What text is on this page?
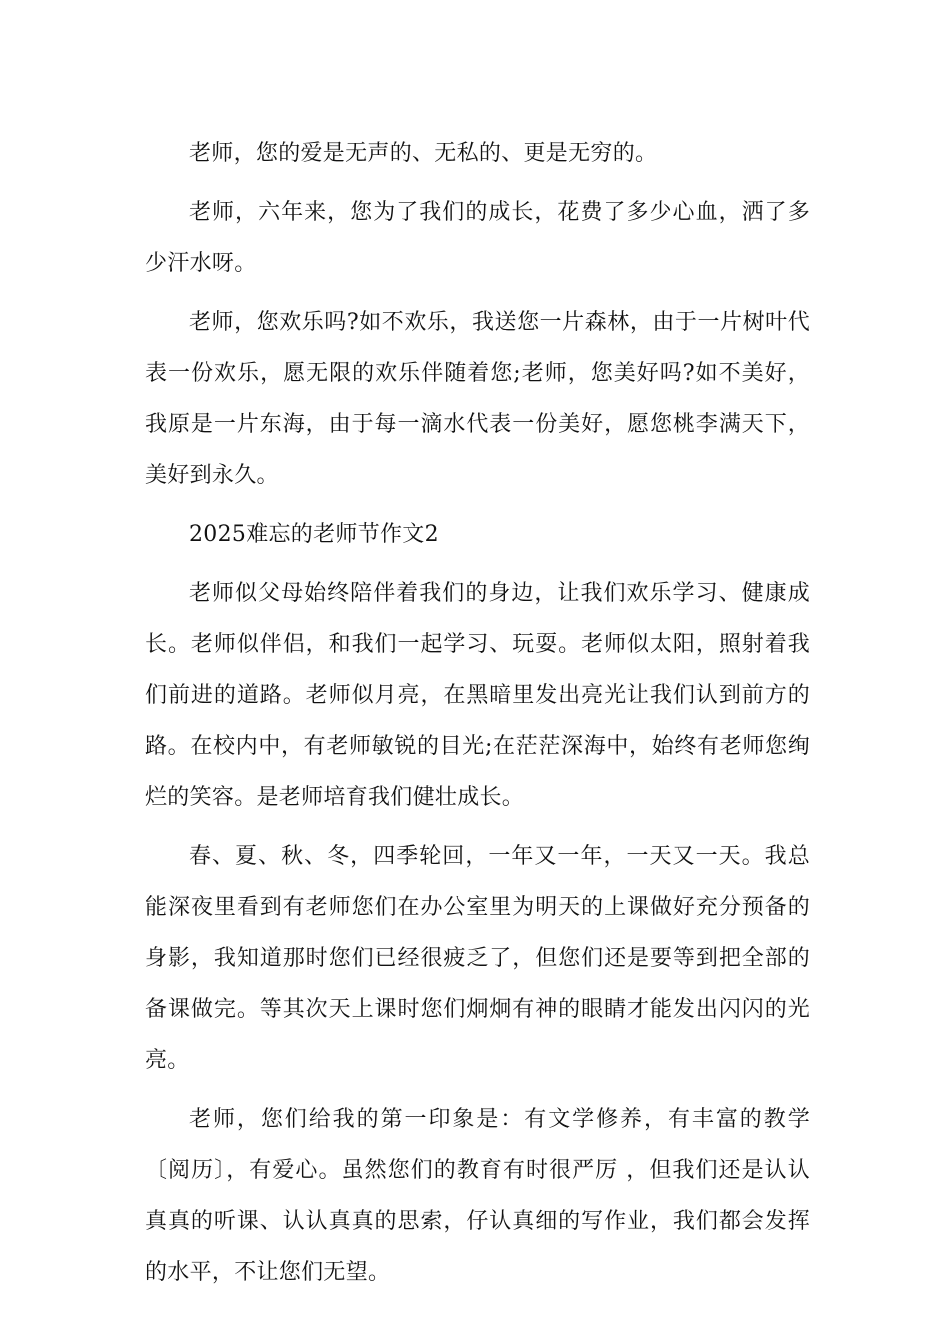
老师，您的爱是无声的、无私的、更是无穷的。

老师，六年来，您为了我们的成长，花费了多少心血，洒了多少汗水呀。

老师，您欢乐吗?如不欢乐，我送您一片森林，由于一片树叶代表一份欢乐，愿无限的欢乐伴随着您;老师，您美好吗?如不美好，我原是一片东海，由于每一滴水代表一份美好，愿您桃李满天下，美好到永久。

2025难忘的老师节作文2

老师似父母始终陪伴着我们的身边，让我们欢乐学习、健康成长。老师似伴侣，和我们一起学习、玩耍。老师似太阳，照射着我们前进的道路。老师似月亮，在黑暗里发出亮光让我们认到前方的路。在校内中，有老师敏锐的目光;在茫茫深海中，始终有老师您绚烂的笑容。是老师培育我们健壮成长。

春、夏、秋、冬，四季轮回，一年又一年，一天又一天。我总能深夜里看到有老师您们在办公室里为明天的上课做好充分预备的身影，我知道那时您们已经很疲乏了，但您们还是要等到把全部的备课做完。等其次天上课时您们炯炯有神的眼睛才能发出闪闪的光亮。

老师，您们给我的第一印象是：有文学修养，有丰富的教学〔阅历〕，有爱心。虽然您们的教育有时很严厉 ，但我们还是认认真真的听课、认认真真的思索，仔认真细的写作业，我们都会发挥的水平，不让您们无望。
